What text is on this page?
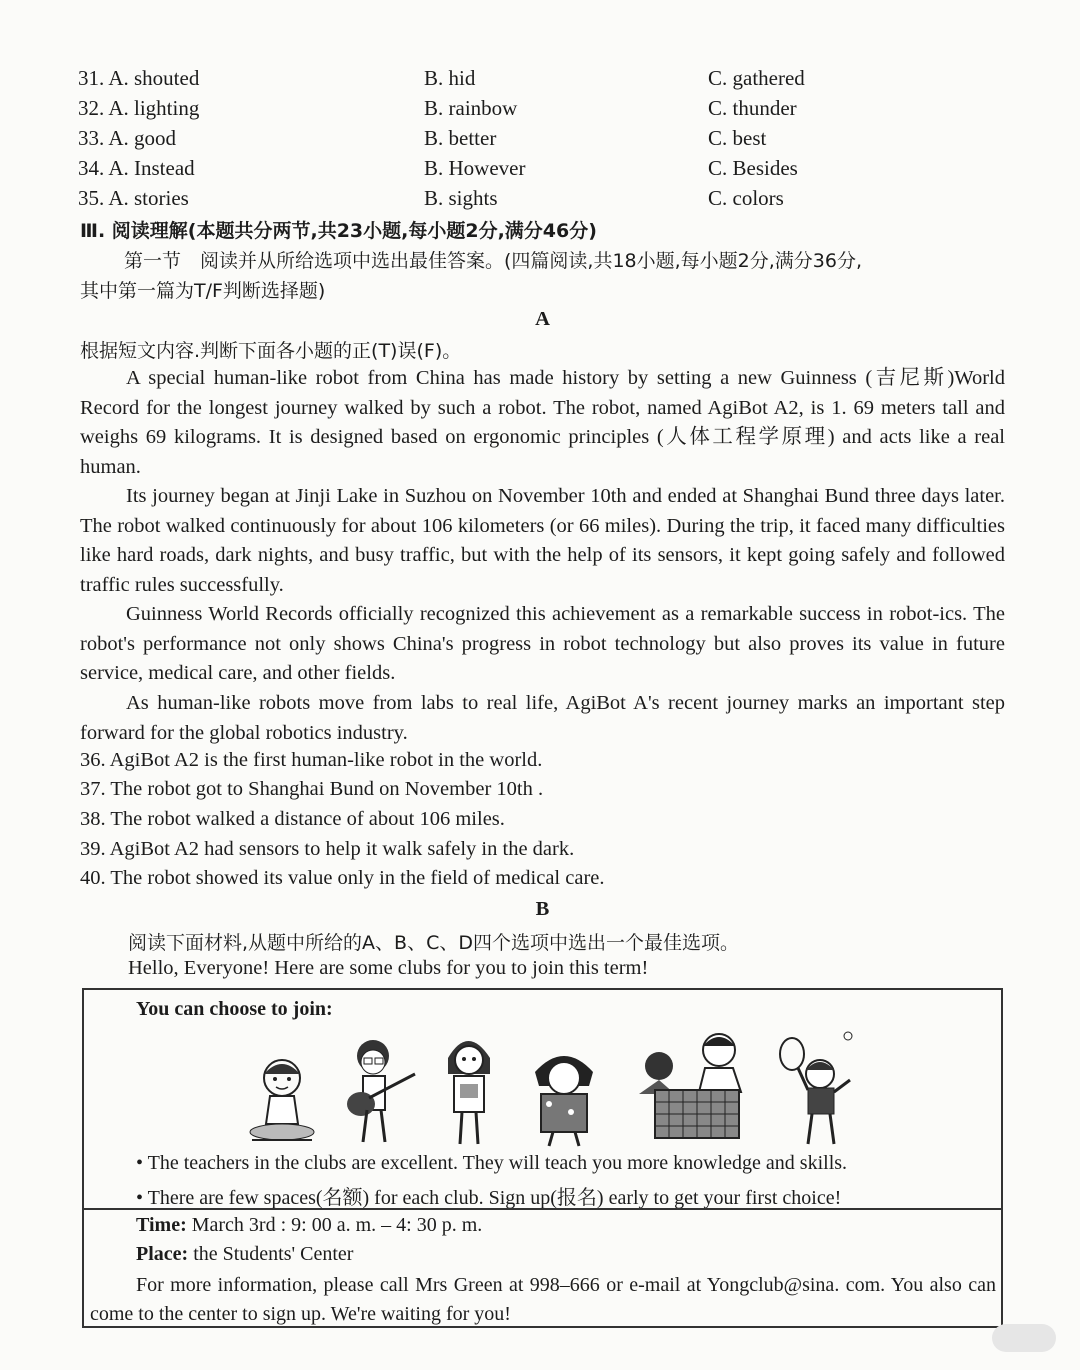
31. A. shouted	B. hid	C. gathered
32. A. lighting	B. rainbow	C. thunder
33. A. good	B. better	C. best
34. A. Instead	B. However	C. Besides
35. A. stories	B. sights	C. colors
Ⅲ. 阅读理解(本题共分两节,共23小题,每小题2分,满分46分)
第一节　阅读并从所给选项中选出最佳答案。(四篇阅读,共18小题,每小题2分,满分36分,
其中第一篇为T/F判断选择题)
A
根据短文内容.判断下面各小题的正(T)误(F)。
A special human-like robot from China has made history by setting a new Guinness (吉尼斯)World Record for the longest journey walked by such a robot. The robot, named AgiBot A2, is 1. 69 meters tall and weighs 69 kilograms. It is designed based on ergonomic principles (人体工程学原理) and acts like a real human.
Its journey began at Jinji Lake in Suzhou on November 10th and ended at Shanghai Bund three days later. The robot walked continuously for about 106 kilometers (or 66 miles). During the trip, it faced many difficulties like hard roads, dark nights, and busy traffic, but with the help of its sensors, it kept going safely and followed traffic rules successfully.
Guinness World Records officially recognized this achievement as a remarkable success in robot-ics. The robot's performance not only shows China's progress in robot technology but also proves its value in future service, medical care, and other fields.
As human-like robots move from labs to real life, AgiBot A's recent journey marks an important step forward for the global robotics industry.
36. AgiBot A2 is the first human-like robot in the world.
37. The robot got to Shanghai Bund on November 10th .
38. The robot walked a distance of about 106 miles.
39. AgiBot A2 had sensors to help it walk safely in the dark.
40. The robot showed its value only in the field of medical care.
B
阅读下面材料,从题中所给的A、B、C、D四个选项中选出一个最佳选项。
Hello, Everyone! Here are some clubs for you to join this term!
You can choose to join:
• The teachers in the clubs are excellent. They will teach you more knowledge and skills.
• There are few spaces(名额) for each club. Sign up(报名) early to get your first choice!
Time: March 3rd : 9: 00 a. m. – 4: 30 p. m.
Place: the Students' Center
For more information, please call Mrs Green at 998–666 or e-mail at Yongclub@sina. com. You also can come to the center to sign up. We're waiting for you!
